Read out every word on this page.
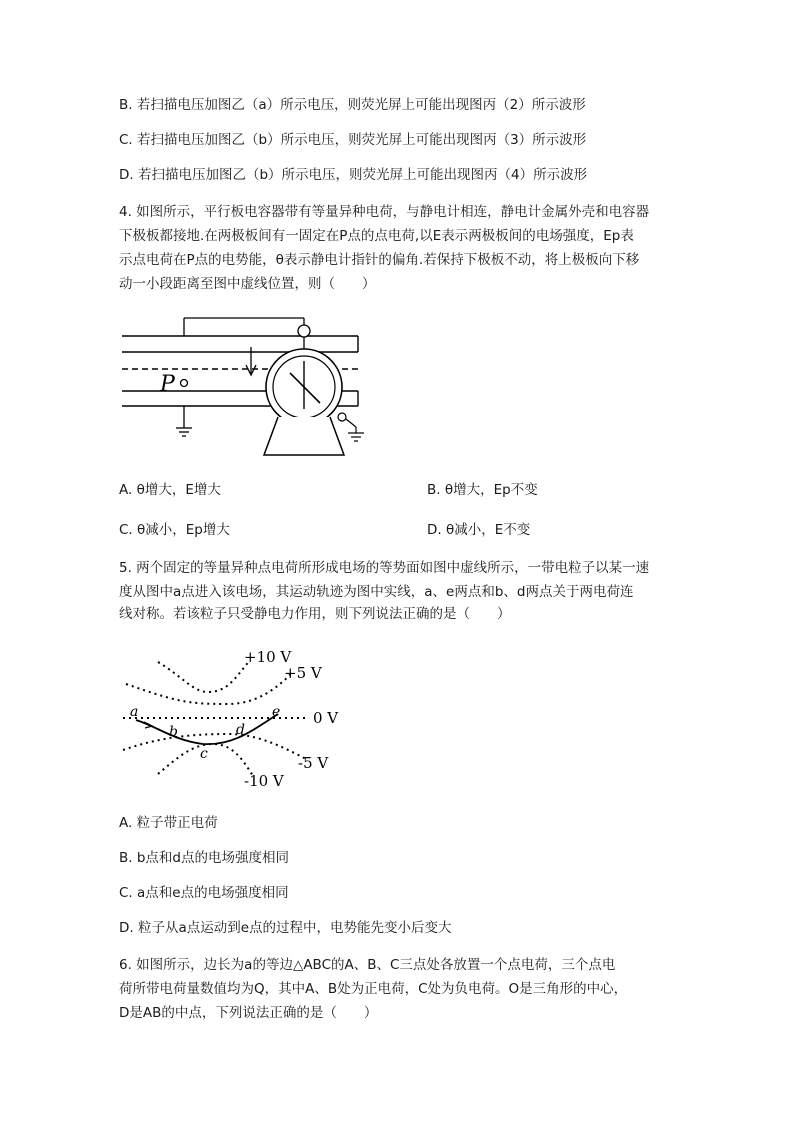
B. 若扫描电压加图乙（a）所示电压，则荧光屏上可能出现图丙（2）所示波形
C. 若扫描电压加图乙（b）所示电压，则荧光屏上可能出现图丙（3）所示波形
D. 若扫描电压加图乙（b）所示电压，则荧光屏上可能出现图丙（4）所示波形
4. 如图所示，平行板电容器带有等量异种电荷，与静电计相连，静电计金属外壳和电容器
下极板都接地.在两极板间有一固定在P点的点电荷,以E表示两极板间的电场强度，Ep表
示点电荷在P点的电势能，θ表示静电计指针的偏角.若保持下极板不动，将上极板向下移
动一小段距离至图中虚线位置，则（　　）
P
A. θ增大，E增大	B. θ增大，Ep不变
C. θ减小，Ep增大	D. θ减小，E不变
5. 两个固定的等量异种点电荷所形成电场的等势面如图中虚线所示，一带电粒子以某一速
度从图中a点进入该电场，其运动轨迹为图中实线，a、e两点和b、d两点关于两电荷连
线对称。若该粒子只受静电力作用，则下列说法正确的是（　　）
+10 V
+5 V
0 V
-5 V
-10 V
a
b
c
d
e
A. 粒子带正电荷
B. b点和d点的电场强度相同
C. a点和e点的电场强度相同
D. 粒子从a点运动到e点的过程中，电势能先变小后变大
6. 如图所示，边长为a的等边△ABC的A、B、C三点处各放置一个点电荷，三个点电
荷所带电荷量数值均为Q，其中A、B处为正电荷，C处为负电荷。O是三角形的中心，
D是AB的中点，下列说法正确的是（　　）
